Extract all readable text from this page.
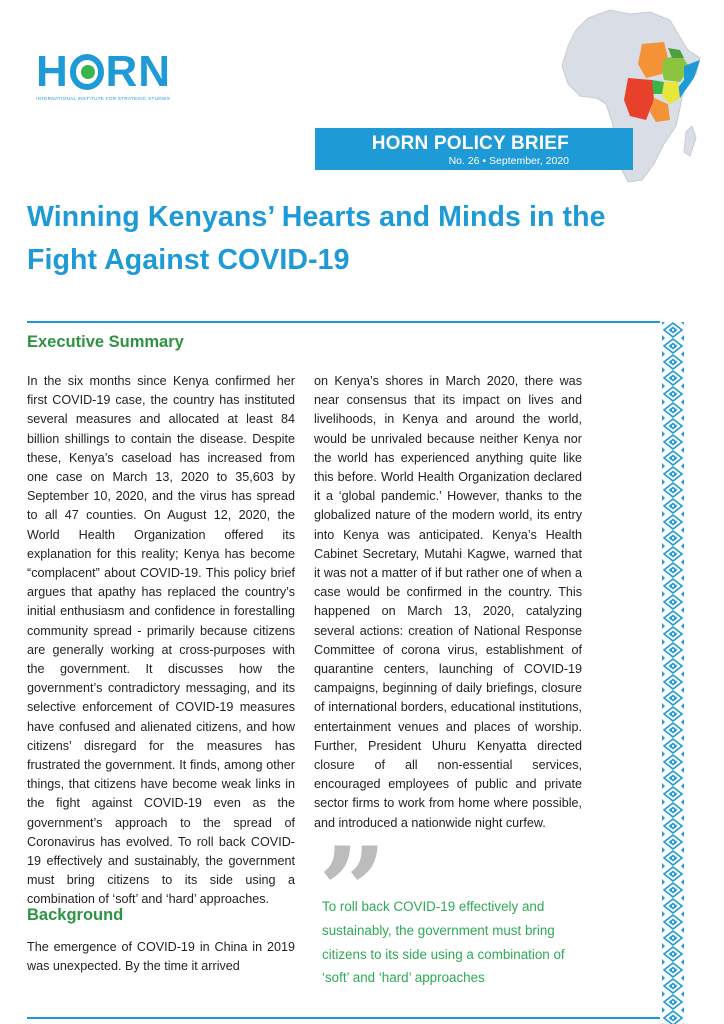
H RN
INTERNATIONAL INSTITUTE FOR STRATEGIC STUDIES
HORN POLICY BRIEF
No. 26 • September, 2020
Winning Kenyans’ Hearts and Minds in the Fight Against COVID-19
Executive Summary

In the six months since Kenya confirmed her first COVID-19 case, the country has instituted several measures and allocated at least 84 billion shillings to contain the disease. Despite these, Kenya’s caseload has increased from one case on March 13, 2020 to 35,603 by September 10, 2020, and the virus has spread to all 47 counties. On August 12, 2020, the World Health Organization offered its explanation for this reality; Kenya has become “complacent” about COVID-19. This policy brief argues that apathy has replaced the country’s initial enthusiasm and confidence in forestalling community spread - primarily because citizens are generally working at cross-purposes with the government. It discusses how the government’s contradictory messaging, and its selective enforcement of COVID-19 measures have confused and alienated citizens, and how citizens’ disregard for the measures has frustrated the government. It finds, among other things, that citizens have become weak links in the fight against COVID-19 even as the government’s approach to the spread of Coronavirus has evolved. To roll back COVID-19 effectively and sustainably, the government must bring citizens to its side using a combination of ‘soft’ and ‘hard’ approaches.

Background

The emergence of COVID-19 in China in 2019 was unexpected. By the time it arrived

on Kenya’s shores in March 2020, there was near consensus that its impact on lives and livelihoods, in Kenya and around the world, would be unrivaled because neither Kenya nor the world has experienced anything quite like this before. World Health Organization declared it a ‘global pandemic.’ However, thanks to the globalized nature of the modern world, its entry into Kenya was anticipated. Kenya’s Health Cabinet Secretary, Mutahi Kagwe, warned that it was not a matter of if but rather one of when a case would be confirmed in the country. This happened on March 13, 2020, catalyzing several actions: creation of National Response Committee of corona virus, establishment of quarantine centers, launching of COVID-19 campaigns, beginning of daily briefings, closure of international borders, educational institutions, entertainment venues and places of worship. Further, President Uhuru Kenyatta directed closure of all non-essential services, encouraged employees of public and private sector firms to work from home where possible, and introduced a nationwide night curfew.

”

To roll back COVID-19 effectively and sustainably, the government must bring citizens to its side using a combination of ‘soft’ and ‘hard’ approaches
